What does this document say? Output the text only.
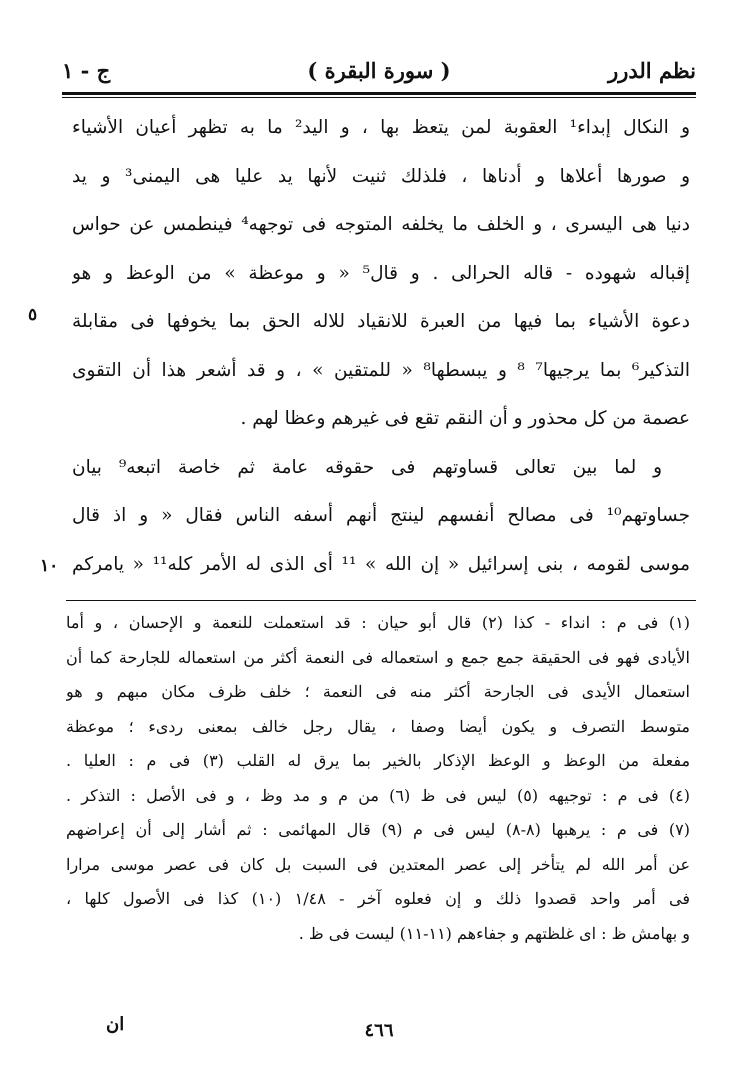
نظم الدرر
( سورة البقرة )
ج - ١
و النكال إبداء¹ العقوبة لمن يتعظ بها ، و اليد² ما به تظهر أعيان الأشياء
و صورها أعلاها و أدناها ، فلذلك ثنيت لأنها يد عليا هى اليمنى³ و يد
دنيا هى اليسرى ، و الخلف ما يخلفه المتوجه فى توجهه⁴ فينطمس عن حواس
إقباله شهوده - قاله الحرالى . و قال⁵ « و موعظة » من الوعظ و هو
دعوة الأشياء بما فيها من العبرة للانقياد للاله الحق بما يخوفها فى مقابلة
التذكير⁶ بما يرجيها⁷ ⁸ و يبسطها⁸ « للمتقين » ، و قد أشعر هذا أن التقوى
عصمة من كل محذور و أن النقم تقع فى غيرهم وعظا لهم .
و لما بين تعالى قساوتهم فى حقوقه عامة ثم خاصة اتبعه⁹ بيان
جساوتهم¹⁰ فى مصالح أنفسهم لينتج أنهم أسفه الناس فقال « و اذ قال
موسى لقومه ، بنى إسرائيل « إن الله » ¹¹ أى الذى له الأمر كله¹¹ « يامركم
٥
١٠
(١) فى م : انداء - كذا (٢) قال أبو حيان : قد استعملت للنعمة و الإحسان ، و أما
الأيادى فهو فى الحقيقة جمع جمع و استعماله فى النعمة أكثر من استعماله للجارحة كما أن
استعمال الأيدى فى الجارحة أكثر منه فى النعمة ؛ خلف ظرف مكان مبهم و هو
متوسط التصرف و يكون أيضا وصفا ، يقال رجل خالف بمعنى ردىء ؛ موعظة
مفعلة من الوعظ و الوعظ الإذكار بالخير بما يرق له القلب (٣) فى م : العليا .
(٤) فى م : توجيهه (٥) ليس فى ظ (٦) من م و مد وظ ، و فى الأصل : التذكر .
(٧) فى م : يرهبها (٨-٨) ليس فى م (٩) قال المهائمى : ثم أشار إلى أن إعراضهم
عن أمر الله لم يتأخر إلى عصر المعتدين فى السبت بل كان فى عصر موسى مرارا
فى أمر واحد قصدوا ذلك و إن فعلوه آخر - ١/٤٨ (١٠) كذا فى الأصول كلها ،
و بهامش ظ : اى غلظتهم و جفاءهم (١١-١١) ليست فى ظ .
٤٦٦
ان
